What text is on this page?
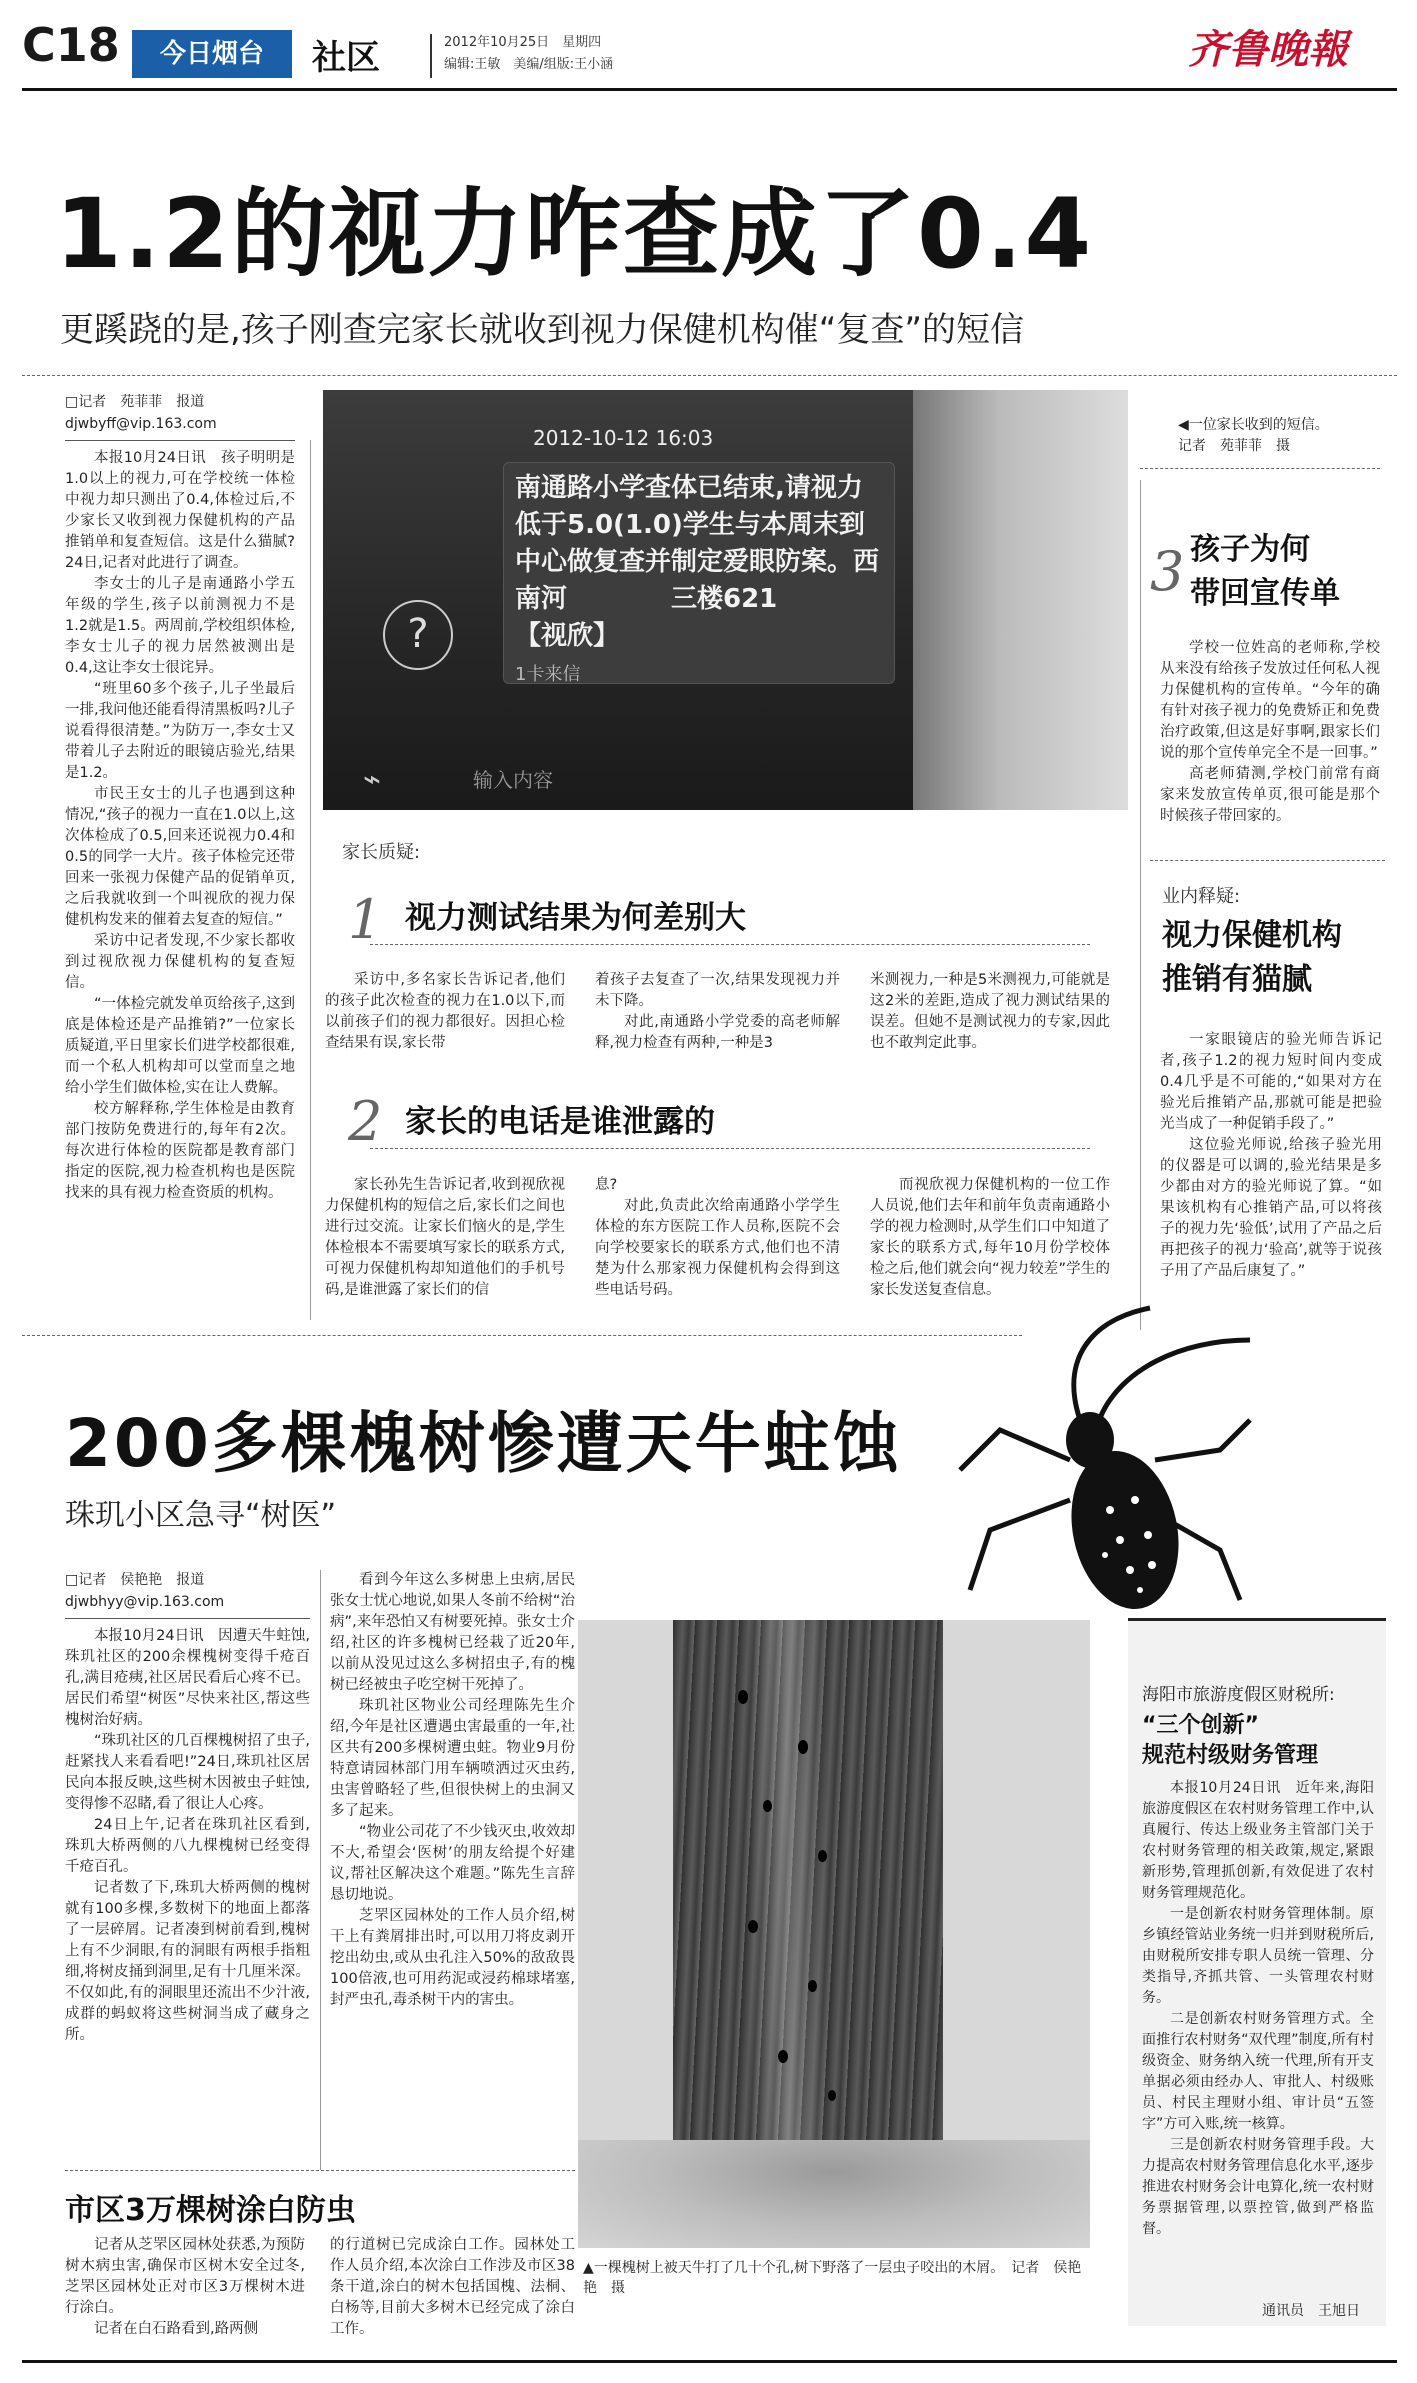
C18	今日烟台	社区	2012年10月25日　星期四
编辑:王敏　美编/组版:王小涵	齐鲁晚報
1.2的视力咋查成了0.4
更蹊跷的是,孩子刚查完家长就收到视力保健机构催“复查”的短信
□记者　苑菲菲　报道
djwbyff@vip.163.com

本报10月24日讯　孩子明明是1.0以上的视力,可在学校统一体检中视力却只测出了0.4,体检过后,不少家长又收到视力保健机构的产品推销单和复查短信。这是什么猫腻?24日,记者对此进行了调查。

李女士的儿子是南通路小学五年级的学生,孩子以前测视力不是1.2就是1.5。两周前,学校组织体检,李女士儿子的视力居然被测出是0.4,这让李女士很诧异。

“班里60多个孩子,儿子坐最后一排,我问他还能看得清黑板吗?儿子说看得很清楚。”为防万一,李女士又带着儿子去附近的眼镜店验光,结果是1.2。

市民王女士的儿子也遇到这种情况,“孩子的视力一直在1.0以上,这次体检成了0.5,回来还说视力0.4和0.5的同学一大片。孩子体检完还带回来一张视力保健产品的促销单页,之后我就收到一个叫视欣的视力保健机构发来的催着去复查的短信。”

采访中记者发现,不少家长都收到过视欣视力保健机构的复查短信。

“一体检完就发单页给孩子,这到底是体检还是产品推销?”一位家长质疑道,平日里家长们进学校都很难,而一个私人机构却可以堂而皇之地给小学生们做体检,实在让人费解。

校方解释称,学生体检是由教育部门按防免费进行的,每年有2次。每次进行体检的医院都是教育部门指定的医院,视力检查机构也是医院找来的具有视力检查资质的机构。

2012-10-12 16:03
南通路小学查体已结束,请视力低于5.0(1.0)学生与本周末到中心做复查并制定爱眼防案。西南河　　　　三楼621　　　　【视欣】
1卡来信
?
⌁	输入内容
◀一位家长收到的短信。
记者　苑菲菲　摄
3 孩子为何
带回宣传单

学校一位姓高的老师称,学校从来没有给孩子发放过任何私人视力保健机构的宣传单。“今年的确有针对孩子视力的免费矫正和免费治疗政策,但这是好事啊,跟家长们说的那个宣传单完全不是一回事。”

高老师猜测,学校门前常有商家来发放宣传单页,很可能是那个时候孩子带回家的。

业内释疑:
视力保健机构
推销有猫腻

一家眼镜店的验光师告诉记者,孩子1.2的视力短时间内变成0.4几乎是不可能的,“如果对方在验光后推销产品,那就可能是把验光当成了一种促销手段了。”

这位验光师说,给孩子验光用的仪器是可以调的,验光结果是多少都由对方的验光师说了算。“如果该机构有心推销产品,可以将孩子的视力先‘验低’,试用了产品之后再把孩子的视力‘验高’,就等于说孩子用了产品后康复了。”

家长质疑:
1 视力测试结果为何差别大

采访中,多名家长告诉记者,他们的孩子此次检查的视力在1.0以下,而以前孩子们的视力都很好。因担心检查结果有误,家长带

着孩子去复查了一次,结果发现视力并未下降。

对此,南通路小学党委的高老师解释,视力检查有两种,一种是3

米测视力,一种是5米测视力,可能就是这2米的差距,造成了视力测试结果的误差。但她不是测试视力的专家,因此也不敢判定此事。

2 家长的电话是谁泄露的

家长孙先生告诉记者,收到视欣视力保健机构的短信之后,家长们之间也进行过交流。让家长们恼火的是,学生体检根本不需要填写家长的联系方式,可视力保健机构却知道他们的手机号码,是谁泄露了家长们的信

息?

对此,负责此次给南通路小学学生体检的东方医院工作人员称,医院不会向学校要家长的联系方式,他们也不清楚为什么那家视力保健机构会得到这些电话号码。

而视欣视力保健机构的一位工作人员说,他们去年和前年负责南通路小学的视力检测时,从学生们口中知道了家长的联系方式,每年10月份学校体检之后,他们就会向“视力较差”学生的家长发送复查信息。

200多棵槐树惨遭天牛蛀蚀
珠玑小区急寻“树医”
□记者　侯艳艳　报道
djwbhyy@vip.163.com

本报10月24日讯　因遭天牛蛀蚀,珠玑社区的200余棵槐树变得千疮百孔,满目疮痍,社区居民看后心疼不已。居民们希望“树医”尽快来社区,帮这些槐树治好病。

“珠玑社区的几百棵槐树招了虫子,赶紧找人来看看吧!”24日,珠玑社区居民向本报反映,这些树木因被虫子蛀蚀,变得惨不忍睹,看了很让人心疼。

24日上午,记者在珠玑社区看到,珠玑大桥两侧的八九棵槐树已经变得千疮百孔。

记者数了下,珠玑大桥两侧的槐树就有100多棵,多数树下的地面上都落了一层碎屑。记者凑到树前看到,槐树上有不少洞眼,有的洞眼有两根手指粗细,将树皮捅到洞里,足有十几厘米深。不仅如此,有的洞眼里还流出不少汁液,成群的蚂蚁将这些树洞当成了藏身之所。

看到今年这么多树患上虫病,居民张女士忧心地说,如果人冬前不给树“治病”,来年恐怕又有树要死掉。张女士介绍,社区的许多槐树已经栽了近20年,以前从没见过这么多树招虫子,有的槐树已经被虫子吃空树干死掉了。

珠玑社区物业公司经理陈先生介绍,今年是社区遭遇虫害最重的一年,社区共有200多棵树遭虫蛀。物业9月份特意请园林部门用车辆喷洒过灭虫药,虫害曾略轻了些,但很快树上的虫洞又多了起来。

“物业公司花了不少钱灭虫,收效却不大,希望会‘医树’的朋友给提个好建议,帮社区解决这个难题。”陈先生言辞恳切地说。

芝罘区园林处的工作人员介绍,树干上有粪屑排出时,可以用刀将皮剥开挖出幼虫,或从虫孔注入50%的敌敌畏100倍液,也可用药泥或浸药棉球堵塞,封严虫孔,毒杀树干内的害虫。

市区3万棵树涂白防虫

记者从芝罘区园林处获悉,为预防树木病虫害,确保市区树木安全过冬,芝罘区园林处正对市区3万棵树木进行涂白。

记者在白石路看到,路两侧

的行道树已完成涂白工作。园林处工作人员介绍,本次涂白工作涉及市区38条干道,涂白的树木包括国槐、法桐、白杨等,目前大多树木已经完成了涂白工作。

▲一棵槐树上被天牛打了几十个孔,树下野落了一层虫子咬出的木屑。　记者　侯艳艳　摄
海阳市旅游度假区财税所:
“三个创新”
规范村级财务管理

本报10月24日讯　近年来,海阳旅游度假区在农村财务管理工作中,认真履行、传达上级业务主管部门关于农村财务管理的相关政策,规定,紧跟新形势,管理抓创新,有效促进了农村财务管理规范化。

一是创新农村财务管理体制。原乡镇经管站业务统一归并到财税所后,由财税所安排专职人员统一管理、分类指导,齐抓共管、一头管理农村财务。

二是创新农村财务管理方式。全面推行农村财务“双代理”制度,所有村级资金、财务纳入统一代理,所有开支单据必须由经办人、审批人、村级账员、村民主理财小组、审计员“五签字”方可入账,统一核算。

三是创新农村财务管理手段。大力提高农村财务管理信息化水平,逐步推进农村财务会计电算化,统一农村财务票据管理,以票控管,做到严格监督。

通讯员　王旭日
